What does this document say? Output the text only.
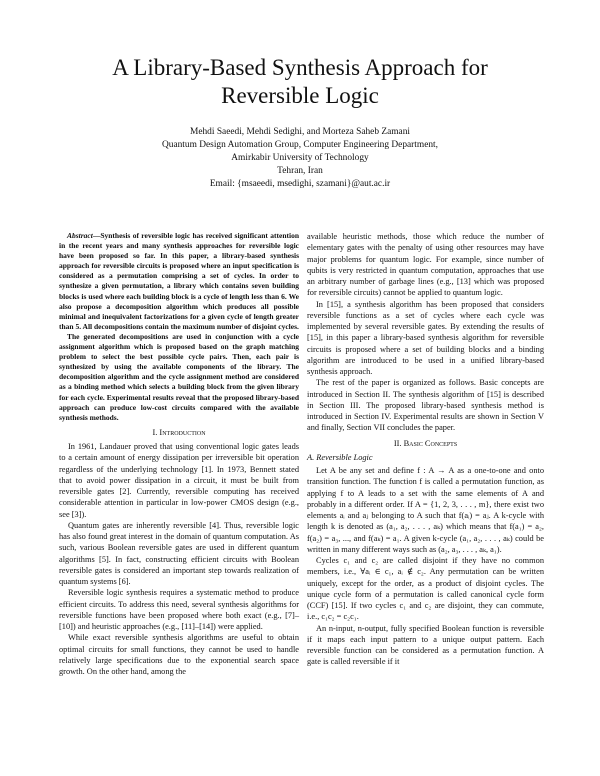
A Library-Based Synthesis Approach for
Reversible Logic
Mehdi Saeedi, Mehdi Sedighi, and Morteza Saheb Zamani
Quantum Design Automation Group, Computer Engineering Department,
Amirkabir University of Technology
Tehran, Iran
Email: {msaeedi, msedighi, szamani}@aut.ac.ir

Abstract—Synthesis of reversible logic has received significant attention in the recent years and many synthesis approaches for reversible logic have been proposed so far. In this paper, a library-based synthesis approach for reversible circuits is proposed where an input specification is considered as a permutation comprising a set of cycles. In order to synthesize a given permutation, a library which contains seven building blocks is used where each building block is a cycle of length less than 6. We also propose a decomposition algorithm which produces all possible minimal and inequivalent factorizations for a given cycle of length greater than 5. All decompositions contain the maximum number of disjoint cycles.

The generated decompositions are used in conjunction with a cycle assignment algorithm which is proposed based on the graph matching problem to select the best possible cycle pairs. Then, each pair is synthesized by using the available components of the library. The decomposition algorithm and the cycle assignment method are considered as a binding method which selects a building block from the given library for each cycle. Experimental results reveal that the proposed library-based approach can produce low-cost circuits compared with the available synthesis methods.

I. Introduction

In 1961, Landauer proved that using conventional logic gates leads to a certain amount of energy dissipation per irreversible bit operation regardless of the underlying technology [1]. In 1973, Bennett stated that to avoid power dissipation in a circuit, it must be built from reversible gates [2]. Currently, reversible computing has received considerable attention in particular in low-power CMOS design (e.g., see [3]).

Quantum gates are inherently reversible [4]. Thus, reversible logic has also found great interest in the domain of quantum computation. As such, various Boolean reversible gates are used in different quantum algorithms [5]. In fact, constructing efficient circuits with Boolean reversible gates is considered an important step towards realization of quantum systems [6].

Reversible logic synthesis requires a systematic method to produce efficient circuits. To address this need, several synthesis algorithms for reversible functions have been proposed where both exact (e.g., [7]–[10]) and heuristic approaches (e.g., [11]–[14]) were applied.

While exact reversible synthesis algorithms are useful to obtain optimal circuits for small functions, they cannot be used to handle relatively large specifications due to the exponential search space growth. On the other hand, among the

available heuristic methods, those which reduce the number of elementary gates with the penalty of using other resources may have major problems for quantum logic. For example, since number of qubits is very restricted in quantum computation, approaches that use an arbitrary number of garbage lines (e.g., [13] which was proposed for reversible circuits) cannot be applied to quantum logic.

In [15], a synthesis algorithm has been proposed that considers reversible functions as a set of cycles where each cycle was implemented by several reversible gates. By extending the results of [15], in this paper a library-based synthesis algorithm for reversible circuits is proposed where a set of building blocks and a binding algorithm are introduced to be used in a unified library-based synthesis approach.

The rest of the paper is organized as follows. Basic concepts are introduced in Section II. The synthesis algorithm of [15] is described in Section III. The proposed library-based synthesis method is introduced in Section IV. Experimental results are shown in Section V and finally, Section VII concludes the paper.

II. Basic Concepts
A. Reversible Logic

Let A be any set and define f : A → A as a one-to-one and onto transition function. The function f is called a permutation function, as applying f to A leads to a set with the same elements of A and probably in a different order. If A = {1, 2, 3, . . . , m}, there exist two elements aᵢ and aⱼ belonging to A such that f(aᵢ) = aⱼ. A k-cycle with length k is denoted as (a₁, a₂, . . . , aₖ) which means that f(a₁) = a₂, f(a₂) = a₃, ..., and f(aₖ) = a₁. A given k-cycle (a₁, a₂, . . . , aₖ) could be written in many different ways such as (a₂, a₃, . . . , aₖ, a₁).

Cycles c₁ and c₂ are called disjoint if they have no common members, i.e., ∀aᵢ ∈ c₁, aᵢ ∉ c₂. Any permutation can be written uniquely, except for the order, as a product of disjoint cycles. The unique cycle form of a permutation is called canonical cycle form (CCF) [15]. If two cycles c₁ and c₂ are disjoint, they can commute, i.e., c₁c₂ = c₂c₁.

An n-input, n-output, fully specified Boolean function is reversible if it maps each input pattern to a unique output pattern. Each reversible function can be considered as a permutation function. A gate is called reversible if it
